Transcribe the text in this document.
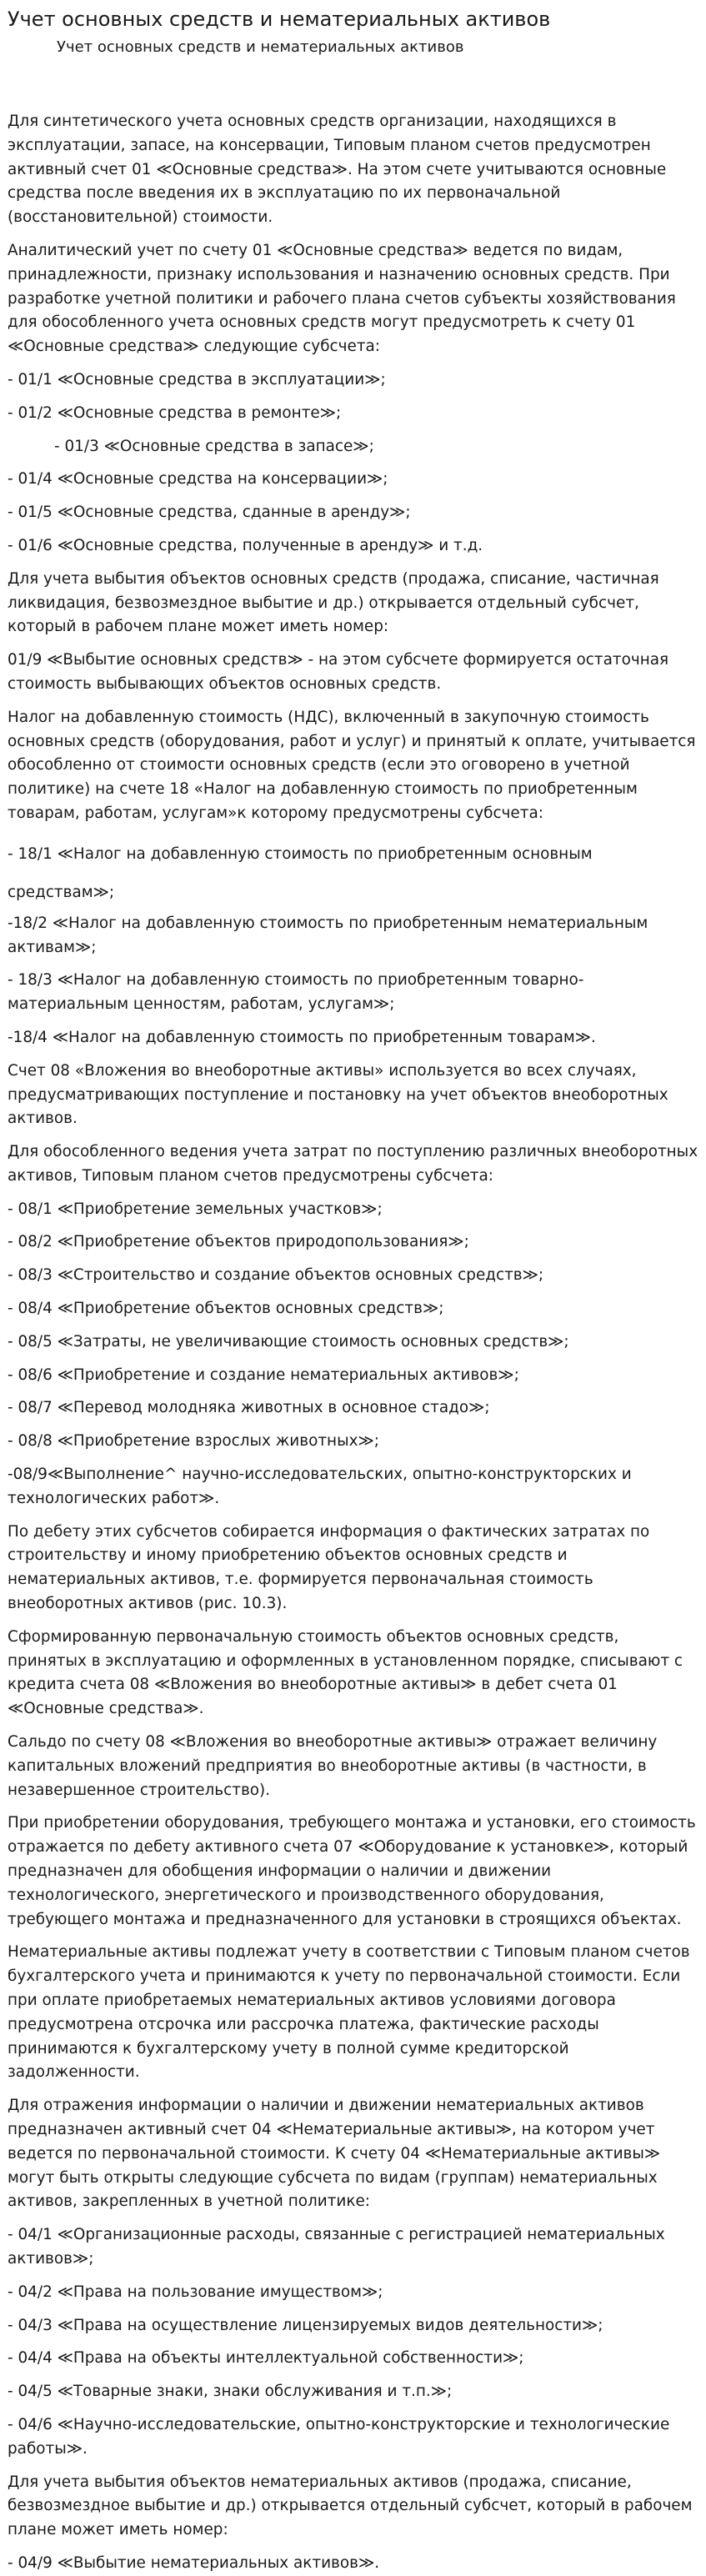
Учет основных средств и нематериальных активов
Учет основных средств и нематериальных активов

Для синтетического учета основных средств организации, находящихся в эксплуатации, запасе, на консервации, Типовым планом счетов предусмотрен активный счет 01 ≪Основные средства≫. На этом счете учитываются основные средства после введения их в эксплуатацию по их первоначальной (восстановительной) стоимости.

Аналитический учет по счету 01 ≪Основные средства≫ ведется по видам, принадлежности, признаку использования и назначению основных средств. При разработке учетной политики и рабочего плана счетов субъекты хозяйствования для обособленного учета основных средств могут предусмотреть к счету 01 ≪Основные средства≫ следующие субсчета:

- 01/1 ≪Основные средства в эксплуатации≫;

- 01/2 ≪Основные средства в ремонте≫;

- 01/3 ≪Основные средства в запасе≫;

- 01/4 ≪Основные средства на консервации≫;

- 01/5 ≪Основные средства, сданные в аренду≫;

- 01/6 ≪Основные средства, полученные в аренду≫ и т.д.

Для учета выбытия объектов основных средств (продажа, списание, частичная ликвидация, безвозмездное выбытие и др.) открывается отдельный субсчет, который в рабочем плане может иметь номер:

01/9 ≪Выбытие основных средств≫ - на этом субсчете формируется остаточная стоимость выбывающих объектов основных средств.

Налог на добавленную стоимость (НДС), включенный в закупочную стоимость основных средств (оборудования, работ и услуг) и принятый к оплате, учитывается обособленно от стоимости основных средств (если это оговорено в учетной политике) на счете 18 «Налог на добавленную стоимость по приобретенным товарам, работам, услугам»к которому предусмотрены субсчета:

- 18/1 ≪Налог на добавленную стоимость по приобретенным основным средствам≫;

-18/2 ≪Налог на добавленную стоимость по приобретенным нематериальным активам≫;

- 18/3 ≪Налог на добавленную стоимость по приобретенным товарно-материальным ценностям, работам, услугам≫;

-18/4 ≪Налог на добавленную стоимость по приобретенным товарам≫.

Счет 08 «Вложения во внеоборотные активы» используется во всех случаях, предусматривающих поступление и постановку на учет объектов внеоборотных активов.

Для обособленного ведения учета затрат по поступлению различных внеоборотных активов, Типовым планом счетов предусмотрены субсчета:

- 08/1 ≪Приобретение земельных участков≫;

- 08/2 ≪Приобретение объектов природопользования≫;

- 08/3 ≪Строительство и создание объектов основных средств≫;

- 08/4 ≪Приобретение объектов основных средств≫;

- 08/5 ≪Затраты, не увеличивающие стоимость основных средств≫;

- 08/6 ≪Приобретение и создание нематериальных активов≫;

- 08/7 ≪Перевод молодняка животных в основное стадо≫;

- 08/8 ≪Приобретение взрослых животных≫;

-08/9≪Выполнение^ научно-исследовательских, опытно-конструкторских и технологических работ≫.

По дебету этих субсчетов собирается информация о фактических затратах по строительству и иному приобретению объектов основных средств и нематериальных активов, т.е. формируется первоначальная стоимость внеоборотных активов (рис. 10.3).

Сформированную первоначальную стоимость объектов основных средств, принятых в эксплуатацию и оформленных в установленном порядке, списывают с кредита счета 08 ≪Вложения во внеоборотные активы≫ в дебет счета 01 ≪Основные средства≫.

Сальдо по счету 08 ≪Вложения во внеоборотные активы≫ отражает величину капитальных вложений предприятия во внеоборотные активы (в частности, в незавершенное строительство).

При приобретении оборудования, требующего монтажа и установки, его стоимость отражается по дебету активного счета 07 ≪Оборудование к установке≫, который предназначен для обобщения информации о наличии и движении технологического, энергетического и производственного оборудования, требующего монтажа и предназначенного для установки в строящихся объектах.

Нематериальные активы подлежат учету в соответствии с Типовым планом счетов бухгалтерского учета и принимаются к учету по первоначальной стоимости. Если при оплате приобретаемых нематериальных активов условиями договора предусмотрена отсрочка или рассрочка платежа, фактические расходы принимаются к бухгалтерскому учету в полной сумме кредиторской задолженности.

Для отражения информации о наличии и движении нематериальных активов предназначен активный счет 04 ≪Нематериальные активы≫, на котором учет ведется по первоначальной стоимости. К счету 04 ≪Нематериальные активы≫ могут быть открыты следующие субсчета по видам (группам) нематериальных активов, закрепленных в учетной политике:

- 04/1 ≪Организационные расходы, связанные с регистрацией нематериальных активов≫;

- 04/2 ≪Права на пользование имуществом≫;

- 04/3 ≪Права на осуществление лицензируемых видов деятельности≫;

- 04/4 ≪Права на объекты интеллектуальной собственности≫;

- 04/5 ≪Товарные знаки, знаки обслуживания и т.п.≫;

- 04/6 ≪Научно-исследовательские, опытно-конструкторские и технологические работы≫.

Для учета выбытия объектов нематериальных активов (продажа, списание, безвозмездное выбытие и др.) открывается отдельный субсчет, который в рабочем плане может иметь номер:

- 04/9 ≪Выбытие нематериальных активов≫.
